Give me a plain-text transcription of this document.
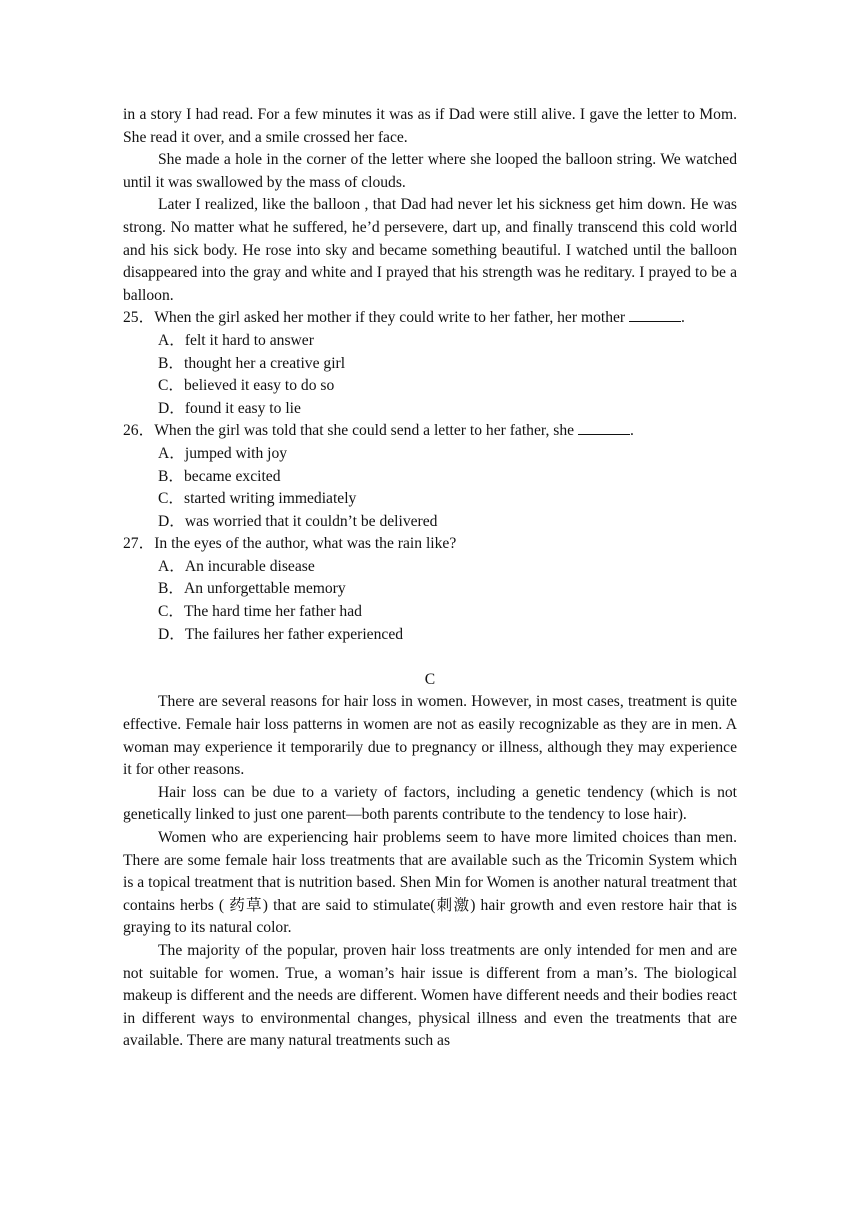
in a story I had read. For a few minutes it was as if Dad were still alive. I gave the letter to Mom. She read it over, and a smile crossed her face.

She made a hole in the corner of the letter where she looped the balloon string. We watched until it was swallowed by the mass of clouds.

Later I realized, like the balloon , that Dad had never let his sickness get him down. He was strong. No matter what he suffered, he’d persevere, dart up, and finally transcend this cold world and his sick body. He rose into sky and became something beautiful. I watched until the balloon disappeared into the gray and white and I prayed that his strength was he reditary. I prayed to be a balloon.

25．When the girl asked her mother if they could write to her father, her mother	.

A．felt it hard to answer

B．thought her a creative girl

C．believed it easy to do so

D．found it easy to lie

26．When the girl was told that she could send a letter to her father, she	.

A．jumped with joy

B．became excited

C．started writing immediately

D．was worried that it couldn’t be delivered

27．In the eyes of the author, what was the rain like?

A．An incurable disease

B．An unforgettable memory

C．The hard time her father had

D．The failures her father experienced

C

There are several reasons for hair loss in women. However, in most cases, treatment is quite effective. Female hair loss patterns in women are not as easily recognizable as they are in men. A woman may experience it temporarily due to pregnancy or illness, although they may experience it for other reasons.

Hair loss can be due to a variety of factors, including a genetic tendency (which is not genetically linked to just one parent—both parents contribute to the tendency to lose hair).

Women who are experiencing hair problems seem to have more limited choices than men. There are some female hair loss treatments that are available such as the Tricomin System which is a topical treatment that is nutrition based. Shen Min for Women is another natural treatment that contains herbs ( 药草) that are said to stimulate(刺激) hair growth and even restore hair that is graying to its natural color.

The majority of the popular, proven hair loss treatments are only intended for men and are not suitable for women. True, a woman’s hair issue is different from a man’s. The biological makeup is different and the needs are different. Women have different needs and their bodies react in different ways to environmental changes, physical illness and even the treatments that are available. There are many natural treatments such as
